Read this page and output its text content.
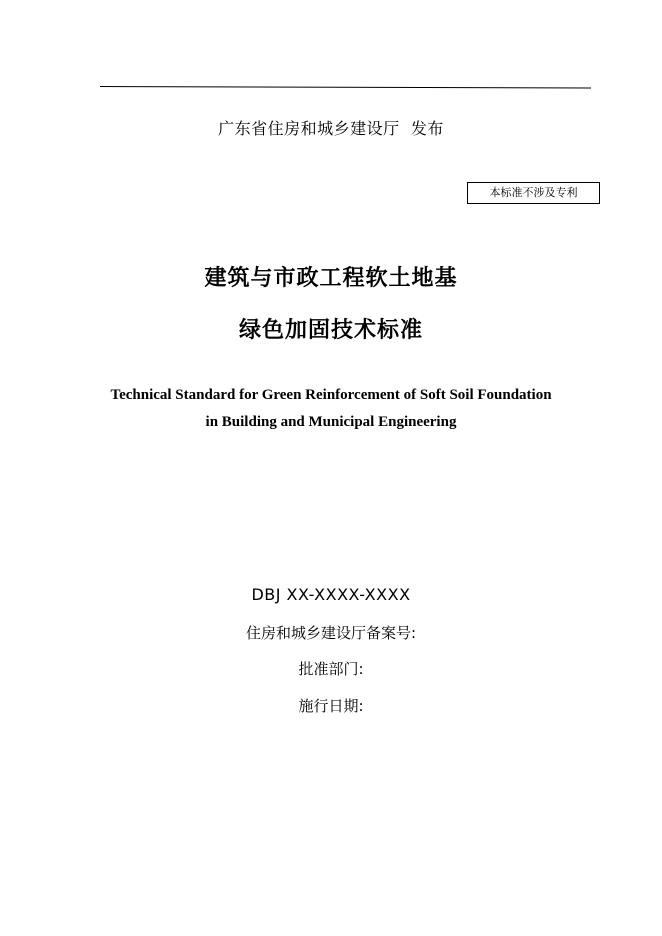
广东省住房和城乡建设厅  发布
本标准不涉及专利
建筑与市政工程软土地基
绿色加固技术标准
Technical Standard for Green Reinforcement of Soft Soil Foundation
in Building and Municipal Engineering
DBJ XX-XXXX-XXXX
住房和城乡建设厅备案号:
批准部门:
施行日期:
